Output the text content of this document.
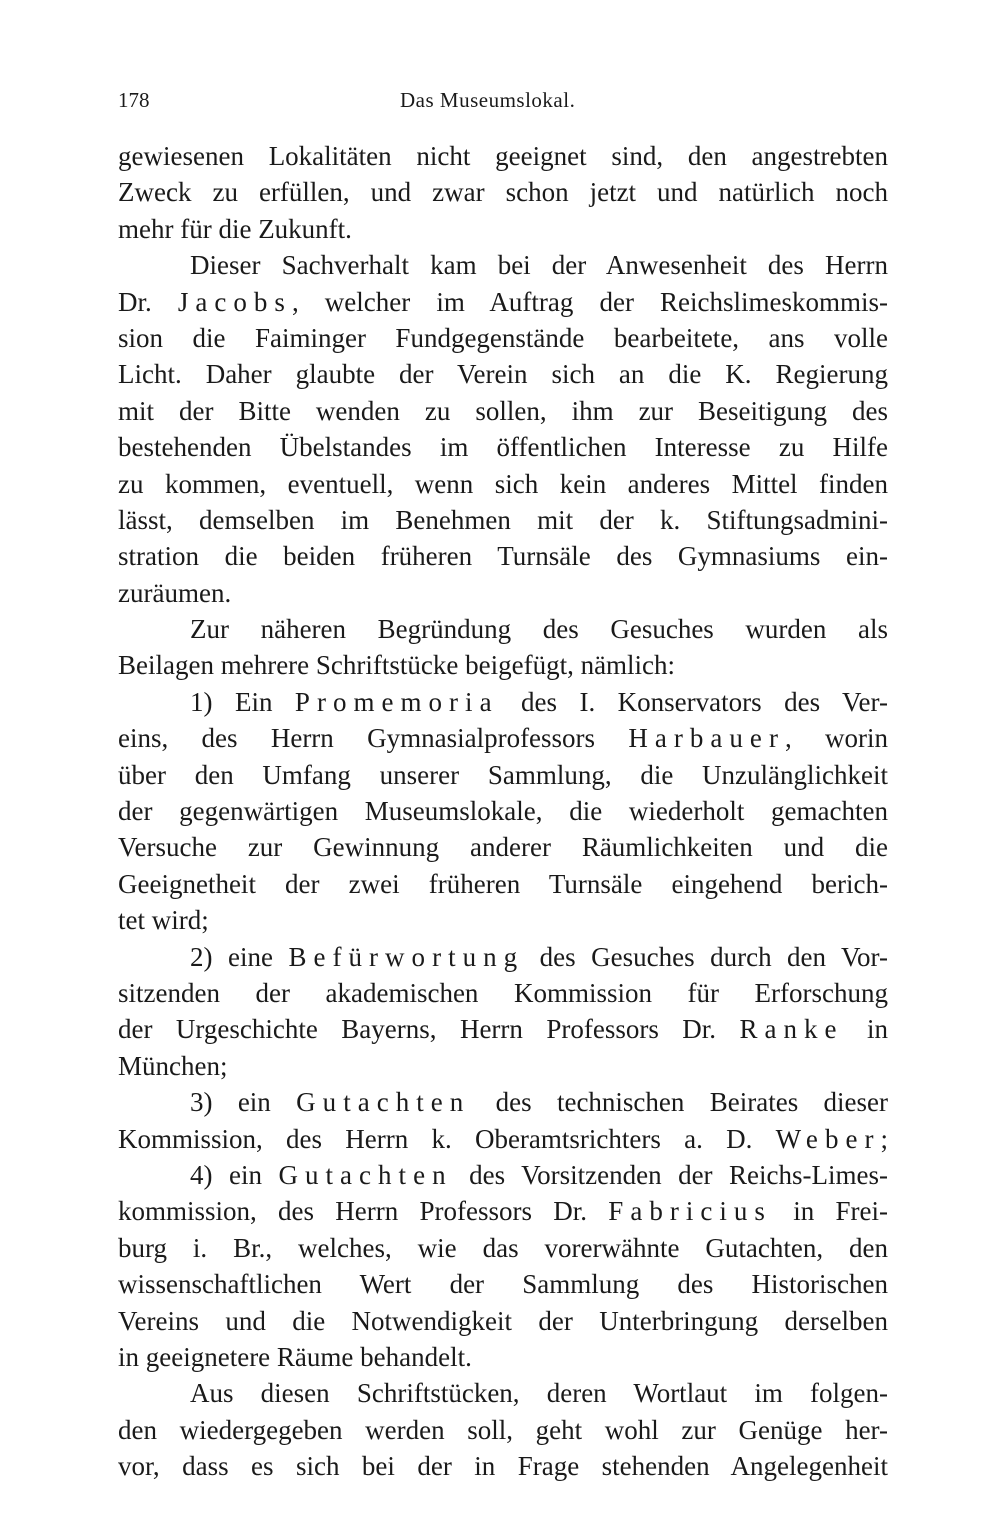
178	Das Museumslokal.
gewiesenen Lokalitäten nicht geeignet sind, den angestrebten
Zweck zu erfüllen, und zwar schon jetzt und natürlich noch
mehr für die Zukunft.
Dieser Sachverhalt kam bei der Anwesenheit des Herrn
Dr. Jacobs, welcher im Auftrag der Reichslimeskommis-
sion die Faiminger Fundgegenstände bearbeitete, ans volle
Licht. Daher glaubte der Verein sich an die K. Regierung
mit der Bitte wenden zu sollen, ihm zur Beseitigung des
bestehenden Übelstandes im öffentlichen Interesse zu Hilfe
zu kommen, eventuell, wenn sich kein anderes Mittel finden
lässt, demselben im Benehmen mit der k. Stiftungsadmini-
stration die beiden früheren Turnsäle des Gymnasiums ein-
zuräumen.
Zur näheren Begründung des Gesuches wurden als
Beilagen mehrere Schriftstücke beigefügt, nämlich:
1) Ein Promemoria des I. Konservators des Ver-
eins, des Herrn Gymnasialprofessors Harbauer, worin
über den Umfang unserer Sammlung, die Unzulänglichkeit
der gegenwärtigen Museumslokale, die wiederholt gemachten
Versuche zur Gewinnung anderer Räumlichkeiten und die
Geeignetheit der zwei früheren Turnsäle eingehend berich-
tet wird;
2) eine Befürwortung des Gesuches durch den Vor-
sitzenden der akademischen Kommission für Erforschung
der Urgeschichte Bayerns, Herrn Professors Dr. Ranke in
München;
3) ein Gutachten des technischen Beirates dieser
Kommission, des Herrn k. Oberamtsrichters a. D. Weber;
4) ein Gutachten des Vorsitzenden der Reichs-Limes-
kommission, des Herrn Professors Dr. Fabricius in Frei-
burg i. Br., welches, wie das vorerwähnte Gutachten, den
wissenschaftlichen Wert der Sammlung des Historischen
Vereins und die Notwendigkeit der Unterbringung derselben
in geeignetere Räume behandelt.
Aus diesen Schriftstücken, deren Wortlaut im folgen-
den wiedergegeben werden soll, geht wohl zur Genüge her-
vor, dass es sich bei der in Frage stehenden Angelegenheit
